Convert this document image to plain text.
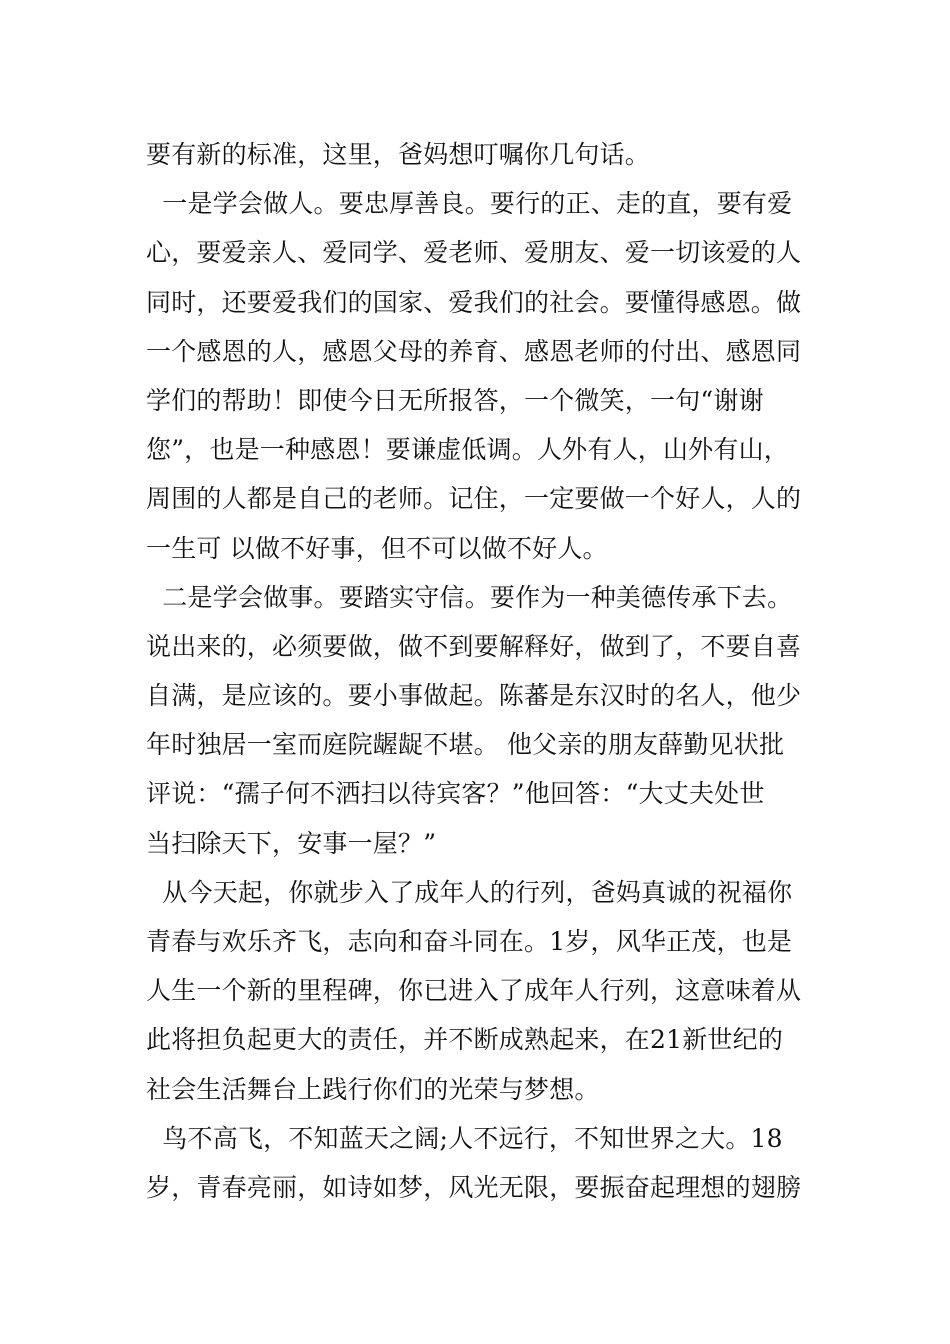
要有新的标准，这里，爸妈想叮嘱你几句话。
一是学会做人。要忠厚善良。要行的正、走的直，要有爱
心，要爱亲人、爱同学、爱老师、爱朋友、爱一切该爱的人
同时，还要爱我们的国家、爱我们的社会。要懂得感恩。做
一个感恩的人，感恩父母的养育、感恩老师的付出、感恩同
学们的帮助！即使今日无所报答，一个微笑，一句“谢谢
您”，也是一种感恩！要谦虚低调。人外有人，山外有山，
周围的人都是自己的老师。记住，一定要做一个好人，人的
一生可 以做不好事，但不可以做不好人。
二是学会做事。要踏实守信。要作为一种美德传承下去。
说出来的，必须要做，做不到要解释好，做到了，不要自喜
自满，是应该的。要小事做起。陈蕃是东汉时的名人，他少
年时独居一室而庭院龌龊不堪。 他父亲的朋友薛勤见状批
评说：“孺子何不洒扫以待宾客？”他回答：“大丈夫处世
当扫除天下，安事一屋？”
从今天起，你就步入了成年人的行列，爸妈真诚的祝福你
青春与欢乐齐飞，志向和奋斗同在。1岁，风华正茂，也是
人生一个新的里程碑，你已进入了成年人行列，这意味着从
此将担负起更大的责任，并不断成熟起来，在21新世纪的
社会生活舞台上践行你们的光荣与梦想。
鸟不高飞，不知蓝天之阔;人不远行，不知世界之大。18
岁，青春亮丽，如诗如梦，风光无限，要振奋起理想的翅膀
